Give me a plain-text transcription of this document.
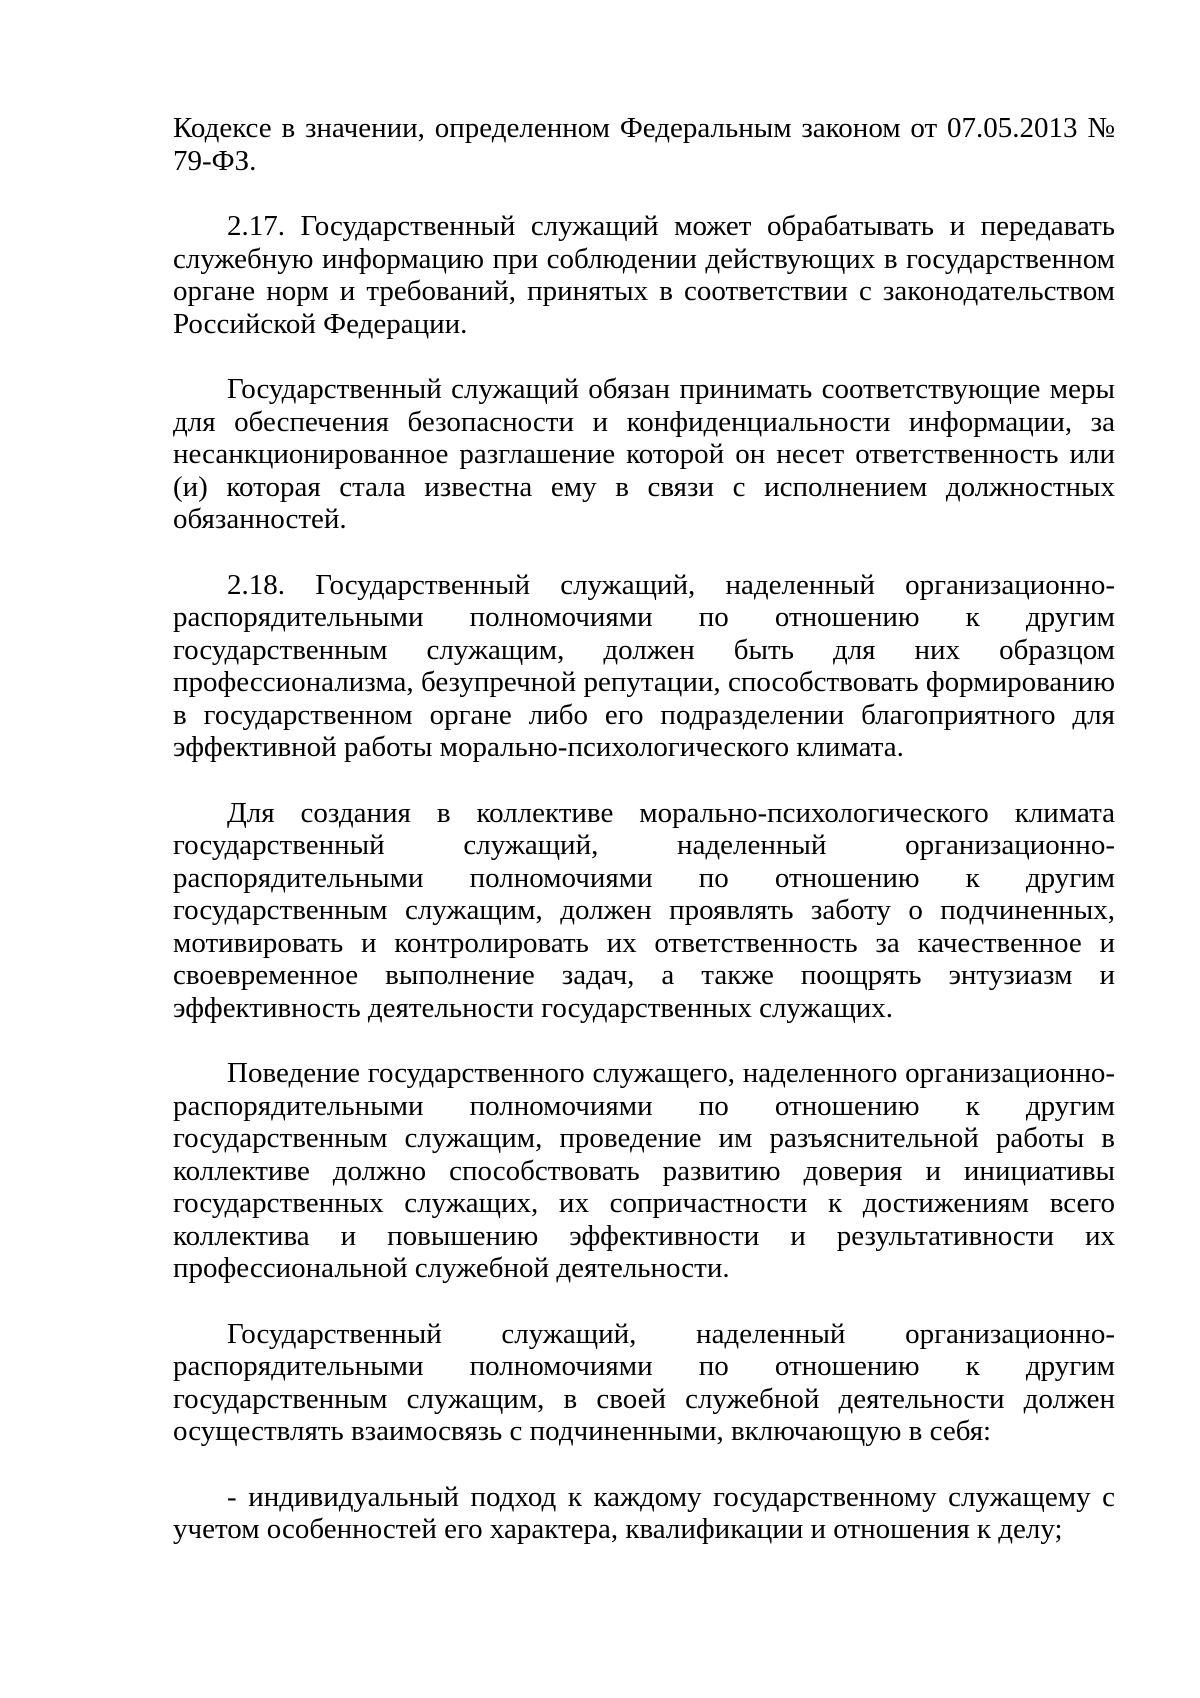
Кодексе в значении, определенном Федеральным законом от 07.05.2013 № 79-ФЗ.

2.17. Государственный служащий может обрабатывать и передавать служебную информацию при соблюдении действующих в государственном органе норм и требований, принятых в соответствии с законодательством Российской Федерации.

Государственный служащий обязан принимать соответствующие меры для обеспечения безопасности и конфиденциальности информации, за несанкционированное разглашение которой он несет ответственность или (и) которая стала известна ему в связи с исполнением должностных обязанностей.

2.18. Государственный служащий, наделенный организационно-распорядительными полномочиями по отношению к другим государственным служащим, должен быть для них образцом профессионализма, безупречной репутации, способствовать формированию в государственном органе либо его подразделении благоприятного для эффективной работы морально-психологического климата.

Для создания в коллективе морально-психологического климата государственный служащий, наделенный организационно-распорядительными полномочиями по отношению к другим государственным служащим, должен проявлять заботу о подчиненных, мотивировать и контролировать их ответственность за качественное и своевременное выполнение задач, а также поощрять энтузиазм и эффективность деятельности государственных служащих.

Поведение государственного служащего, наделенного организационно-распорядительными полномочиями по отношению к другим государственным служащим, проведение им разъяснительной работы в коллективе должно способствовать развитию доверия и инициативы государственных служащих, их сопричастности к достижениям всего коллектива и повышению эффективности и результативности их профессиональной служебной деятельности.

Государственный служащий, наделенный организационно-распорядительными полномочиями по отношению к другим государственным служащим, в своей служебной деятельности должен осуществлять взаимосвязь с подчиненными, включающую в себя:

- индивидуальный подход к каждому государственному служащему с учетом особенностей его характера, квалификации и отношения к делу;
